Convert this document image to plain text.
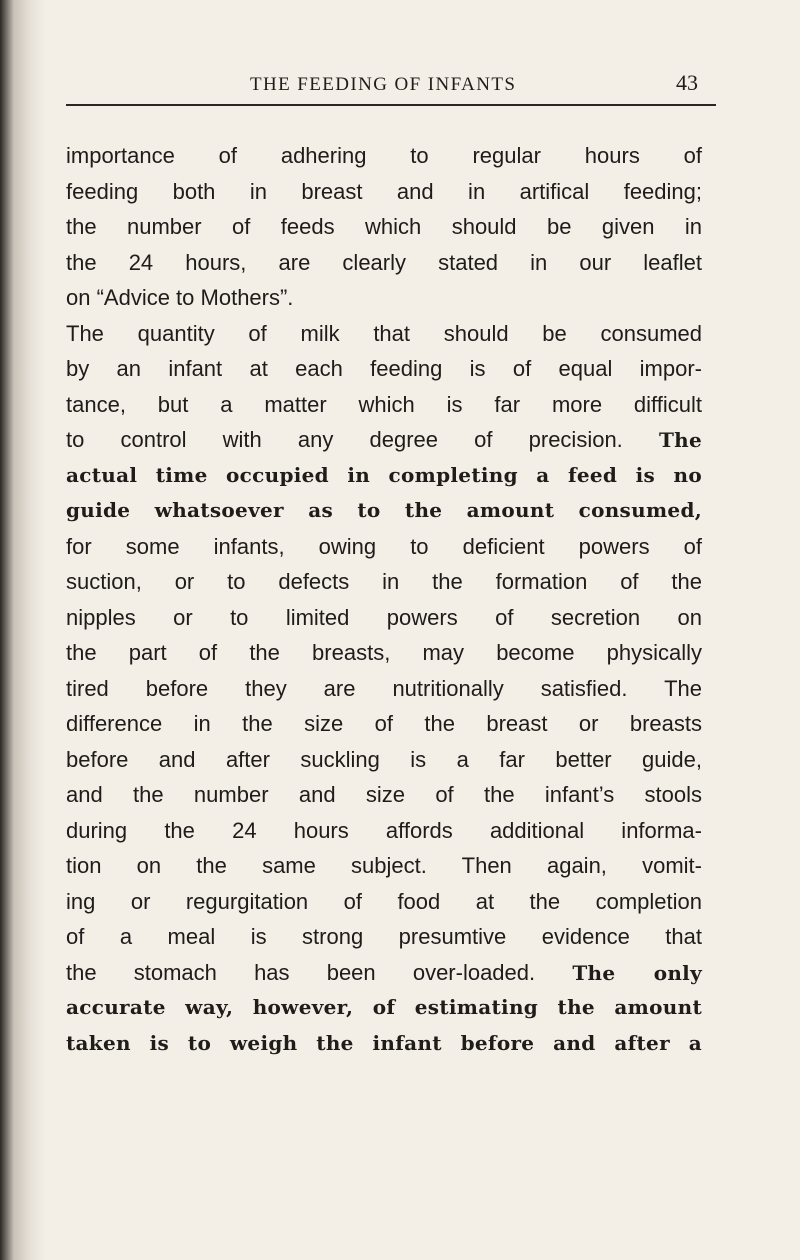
THE FEEDING OF INFANTS	43
importance of adhering to regular hours of
feeding both in breast and in artifical feeding;
the number of feeds which should be given in
the 24 hours, are clearly stated in our leaflet
on “Advice to Mothers”.
The quantity of milk that should be consumed
by an infant at each feeding is of equal impor-
tance, but a matter which is far more difficult
to control with any degree of precision. The
actual time occupied in completing a feed is no
guide whatsoever as to the amount consumed,
for some infants, owing to deficient powers of
suction, or to defects in the formation of the
nipples or to limited powers of secretion on
the part of the breasts, may become physically
tired before they are nutritionally satisfied. The
difference in the size of the breast or breasts
before and after suckling is a far better guide,
and the number and size of the infant’s stools
during the 24 hours affords additional informa-
tion on the same subject. Then again, vomit-
ing or regurgitation of food at the completion
of a meal is strong presumtive evidence that
the stomach has been over-loaded. The only
accurate way, however, of estimating the amount
taken is to weigh the infant before and after a
